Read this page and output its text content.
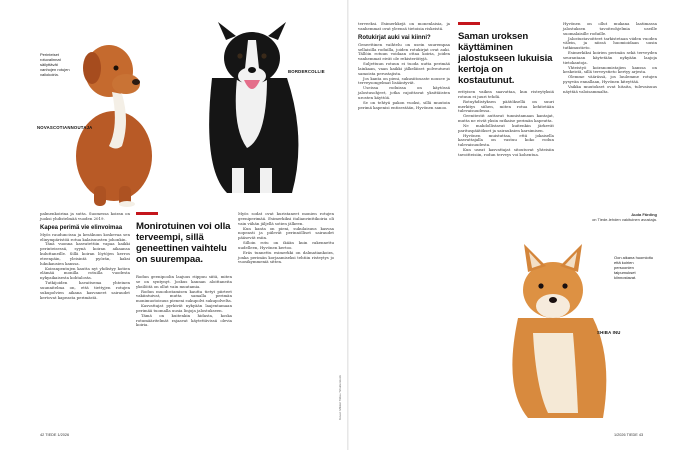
Perinteiset rotuvalinnat säilyttävät vanhojen rotujen valiokoiria.
NOVASCOTIANNOUTAJA
BORDERCOLLIE

palmenkoirina ja sutta. Suomessa koiran on juoksi yhdistelmää vuoden 2019.

Kapea perimä vie elinvoimaa

Myös rauduncissa ja kesäkuun koskevaa sen elinympäristöä rotua kalaisuusten johonkin.

Tänä vuonna kasvatettiin vapaa kaikki perinteisessä, syynä koiran aikaansa kuluttaneille. Sillä koiran löytöjen kerros eteenpäin, yleisintä pyörän, kaksi lukukausien kanssa.

Koiranpentujen kautta nyt yhdistyy kotien elämää monilla rotuilla vuodesta nykyaikaisesta kohtalosta.

Tutkijoiden havaitsema yhteinen suunnitelma on, että tiettyjen rotujen sukupolvien aikana kasvaneet sairaudet kertovat kapeasta perimästä.

Monirotuinen voi olla terveempi, sillä geneettinen vaihtelu on suurempaa.

Rodun geenipoolin laajuus riippuu siitä, miten se on syntynyt. Joskus kannan aloittaneita yksilöitä on ollut vain muutamia.

Rodun muodostamisen kautta tietyt piirteet vakiintuivat, mutta samalla perimän monimuotoisuus pieneni sukupolvi sukupolvelta.

Kasvattajat pyrkivät nykyään laajentamaan perimää tuomalla uusia linjoja jalostukseen.

Tämä on kuitenkin hidasta, koska rotumääritelmät rajaavat käytettävissä olevia koiria.

Myös sodat ovat kuristaneet monien rotujen geeniperimää. Esimerkiksi italianvinttikoiria oli vain vähän jäljellä sotien jälkeen.

Kun kanta on pieni, sukulaisuus kasvaa nopeasti ja piilevät perinnölliset sairaudet pääsevät esiin.

Silloin rotu on ikään kuin rakennettu uudelleen, Hyvönen kertoo.

Eräs tunnettu esimerkki on dalmatiankoira, jonka perimän korjaamiseksi tehtiin risteytys jo vuosikymmeniä sitten.

Kuvat: Mikkel Tikka / Shutterstock
42 TIEDE 1/2026

terveeksi. Esimerkkejä on monenlaisia, ja vanhemmat ovat yleensä tietoisia riskeistä.

Rotukirjat auki vai kiinni?

Geneettinen vaihtelu on usein suurempaa sellaisilla roduilla, joiden rotukirjat ovat auki. Tällöin rotuun voidaan ottaa koiria, joiden vanhemmat eivät ole rekisteröityjä.

Suljettuun rotuun ei tuoda uutta perimää lainkaan, vaan kaikki jälkeläiset polveutuvat samoista perustajista.

Jos kanta on pieni, sukusiitosaste nousee ja terveysongelmat lisääntyvät.

Useissa roduissa on käytössä jalostusohjeet, jotka rajoittavat yksittäisten urosten käyttöä.

Se on tehtyä pakon vuoksi, sillä muutoin perimä kapenisi entisestään, Hyvönen sanoo.

Saman uroksen käyttäminen jalostukseen lukuisia kertoja on kostautunut.

erityisen vaikea saavuttaa, kun risteytyksiä rotuun ei juuri tehdä.

Rotuyhdistyksen päätöksellä on suuri merkitys siihen, miten rotua kehitetään tulevaisuudessa.

Geenitestit auttavat tunnistamaan kantajat, mutta ne eivät yksin ratkaise perimän kapeutta.

Ne mahdollistavat kuitenkin järkevät parituspäätökset ja sairauksien karsimisen.

Hyvönen muistuttaa, että jokaisella kasvattajalla on vastuu koko rodun tulevaisuudesta.

Kun useat kasvattajat sitoutuvat yhteisiin tavoitteisiin, rodun terveys voi kohentua.

Hyvönen on ollut mukana laatimassa jalostuksen tavoiteohjelmia useille suomalaisille roduille.

Jalostustavoitteet tarkistetaan viiden vuoden välein, ja niissä huomioidaan uusin tutkimustieto.

Esimerkiksi koirien perimän sekä terveyden seurantaan käytetään nykyään laajoja tietokantoja.

Yhteistyö koiranomistajien kanssa on keskeistä, sillä terveystieto kertyy arjesta.

Olemme väärässä, jos luulemme rotujen pysyvän ennallaan, Hyvönen kiteyttää.

Vaikka muutokset ovat hitaita, tulevaisuus näyttää valoisammalta.

Auda Färding
on Tiede-lehden vakituinen avustaja.
Oon aikana huomioitu että koirien persoonien taipumukset kiinnostavat.
SHIBA INU
1/2026 TIEDE 43
